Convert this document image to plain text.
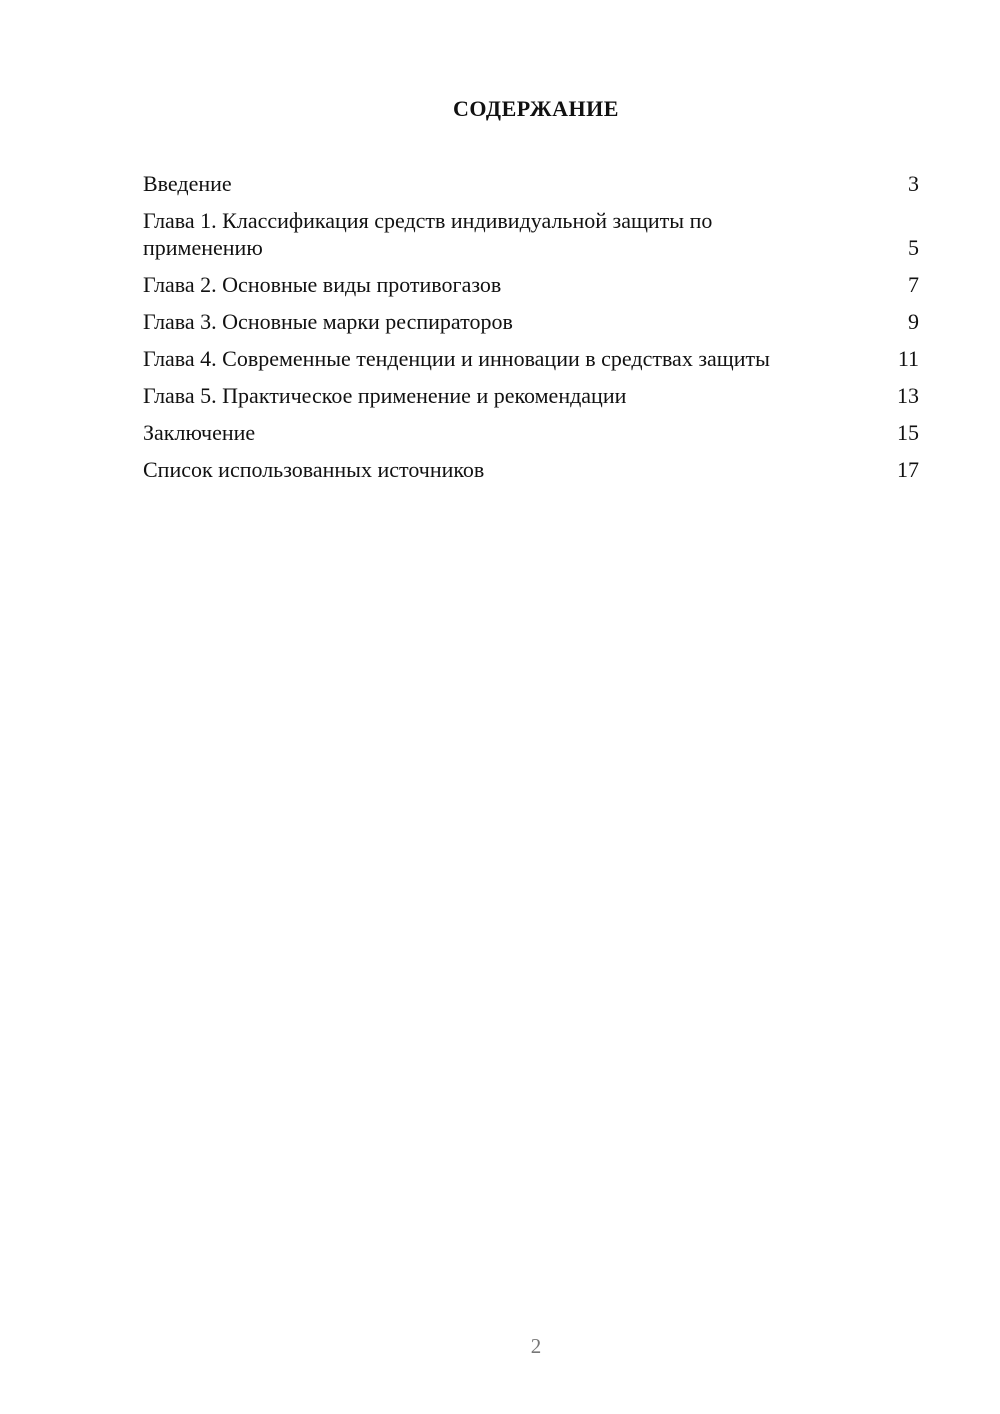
СОДЕРЖАНИЕ
Введение	3
Глава 1. Классификация средств индивидуальной защиты по применению	5
Глава 2. Основные виды противогазов	7
Глава 3. Основные марки респираторов	9
Глава 4. Современные тенденции и инновации в средствах защиты	11
Глава 5. Практическое применение и рекомендации	13
Заключение	15
Список использованных источников	17
2
